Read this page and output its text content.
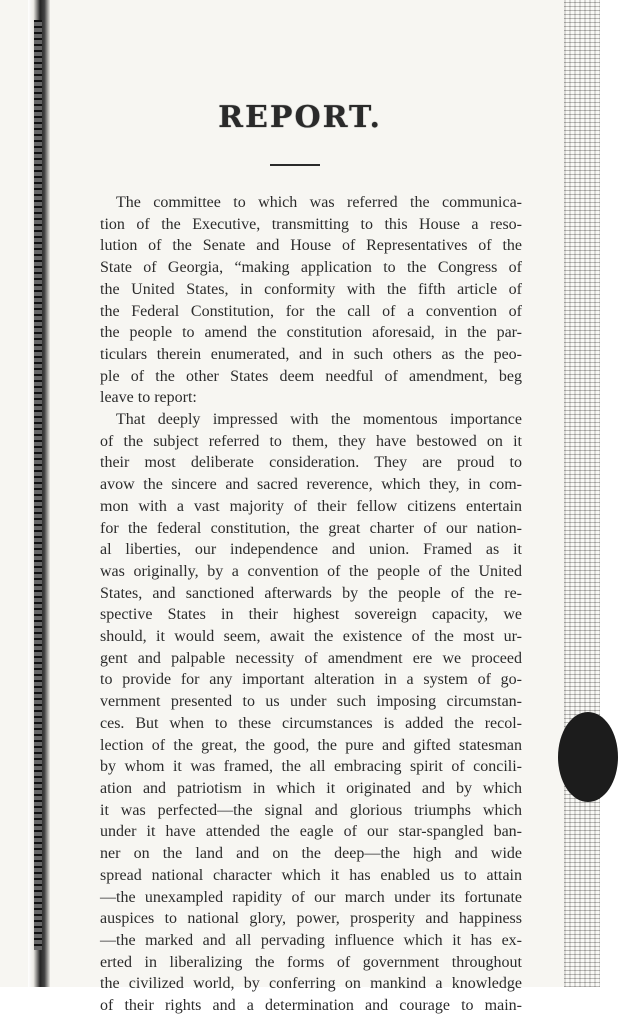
REPORT.
The committee to which was referred the communica-
tion of the Executive, transmitting to this House a reso-
lution of the Senate and House of Representatives of the
State of Georgia, “making application to the Congress of
the United States, in conformity with the fifth article of
the Federal Constitution, for the call of a convention of
the people to amend the constitution aforesaid, in the par-
ticulars therein enumerated, and in such others as the peo-
ple of the other States deem needful of amendment, beg
leave to report:
That deeply impressed with the momentous importance
of the subject referred to them, they have bestowed on it
their most deliberate consideration. They are proud to
avow the sincere and sacred reverence, which they, in com-
mon with a vast majority of their fellow citizens entertain
for the federal constitution, the great charter of our nation-
al liberties, our independence and union. Framed as it
was originally, by a convention of the people of the United
States, and sanctioned afterwards by the people of the re-
spective States in their highest sovereign capacity, we
should, it would seem, await the existence of the most ur-
gent and palpable necessity of amendment ere we proceed
to provide for any important alteration in a system of go-
vernment presented to us under such imposing circumstan-
ces. But when to these circumstances is added the recol-
lection of the great, the good, the pure and gifted statesman
by whom it was framed, the all embracing spirit of concili-
ation and patriotism in which it originated and by which
it was perfected—the signal and glorious triumphs which
under it have attended the eagle of our star-spangled ban-
ner on the land and on the deep—the high and wide
spread national character which it has enabled us to attain
—the unexampled rapidity of our march under its fortunate
auspices to national glory, power, prosperity and happiness
—the marked and all pervading influence which it has ex-
erted in liberalizing the forms of government throughout
the civilized world, by conferring on mankind a knowledge
of their rights and a determination and courage to main-
